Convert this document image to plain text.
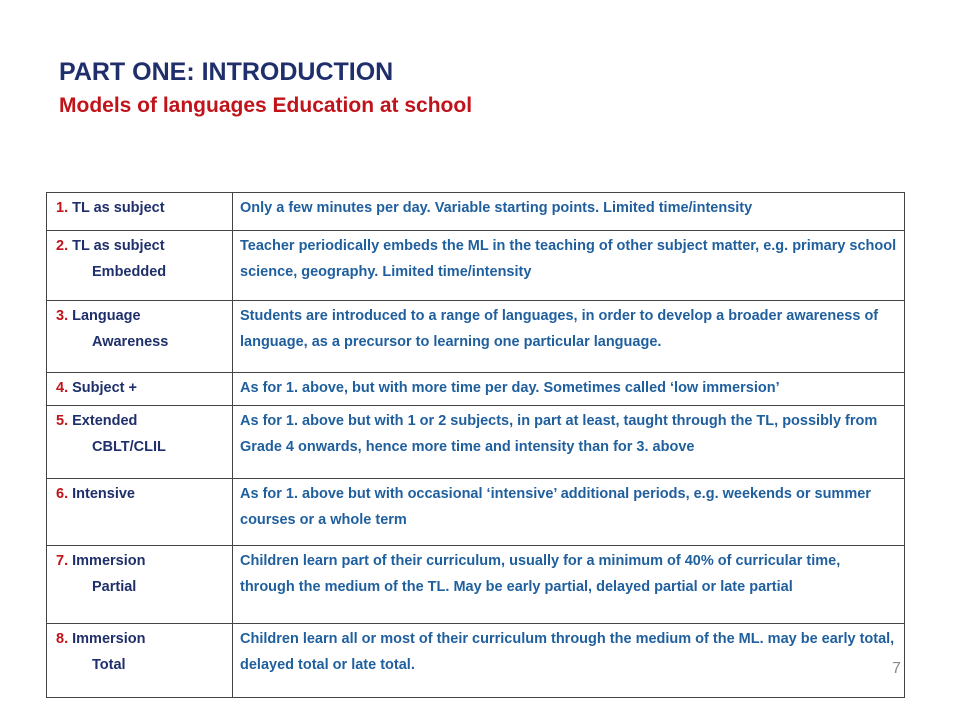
PART ONE: INTRODUCTION
Models of languages Education at school
1. TL as subject	Only a few minutes per day. Variable starting points. Limited time/intensity
2. TL as subject
Embedded	Teacher periodically embeds the ML in the teaching of other subject matter, e.g. primary school science, geography. Limited time/intensity
3. Language
Awareness	Students are introduced to a range of languages, in order to develop a broader awareness of language, as a precursor to learning one particular language.
4. Subject +	As for 1. above, but with more time per day. Sometimes called ‘low immersion’
5. Extended
CBLT/CLIL	As for 1. above but with 1 or 2 subjects, in part at least, taught through the TL, possibly from Grade 4 onwards, hence more time and intensity than for 3. above
6. Intensive	As for 1. above but with occasional ‘intensive’ additional periods, e.g. weekends or summer courses or a whole term
7. Immersion
Partial	Children learn part of their curriculum, usually for a minimum of 40% of curricular time, through the medium of the TL. May be early partial, delayed partial or late partial
8. Immersion
Total	Children learn all or most of their curriculum through the medium of the ML. may be early total, delayed total or late total.	7
